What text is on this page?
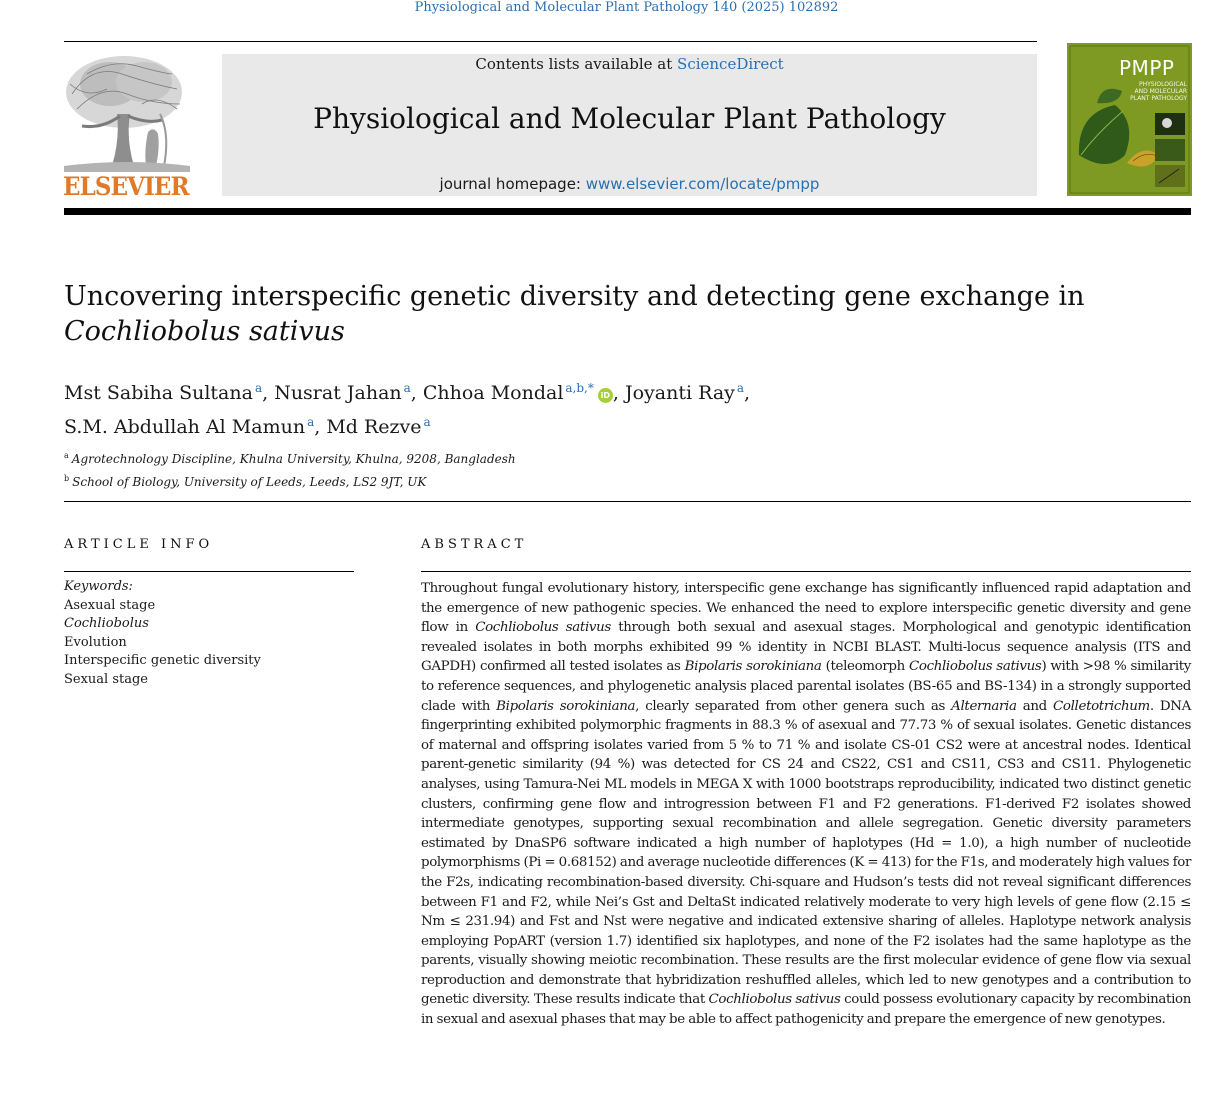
Physiological and Molecular Plant Pathology 140 (2025) 102892
ELSEVIER
Contents lists available at ScienceDirect
Physiological and Molecular Plant Pathology
journal homepage: www.elsevier.com/locate/pmpp
PMPP
PHYSIOLOGICAL
AND MOLECULAR
PLANT PATHOLOGY
Uncovering interspecific genetic diversity and detecting gene exchange in
Cochliobolus sativus
Mst Sabiha Sultana $^a$, Nusrat Jahan $^a$, Chhoa Mondal $^{a,b,*}$iD , Joyanti Ray $^a$,
S.M. Abdullah Al Mamun $^a$, Md Rezve $^a$
$^a$ Agrotechnology Discipline, Khulna University, Khulna, 9208, Bangladesh
$^b$ School of Biology, University of Leeds, Leeds, LS2 9JT, UK
ARTICLE INFO
Keywords:
Asexual stage
Cochliobolus
Evolution
Interspecific genetic diversity
Sexual stage
ABSTRACT
Throughout fungal evolutionary history, interspecific gene exchange has significantly influenced rapid adaptation and the emergence of new pathogenic species. We enhanced the need to explore interspecific genetic diversity and gene flow in Cochliobolus sativus through both sexual and asexual stages. Morphological and genotypic identification revealed isolates in both morphs exhibited 99 % identity in NCBI BLAST. Multi-locus sequence analysis (ITS and GAPDH) confirmed all tested isolates as Bipolaris sorokiniana (teleomorph Cochliobolus sativus) with >98 % similarity to reference sequences, and phylogenetic analysis placed parental isolates (BS-65 and BS-134) in a strongly supported clade with Bipolaris sorokiniana, clearly separated from other genera such as Alternaria and Colletotrichum. DNA fingerprinting exhibited polymorphic fragments in 88.3 % of asexual and 77.73 % of sexual isolates. Genetic distances of maternal and offspring isolates varied from 5 % to 71 % and isolate CS-01 CS2 were at ancestral nodes. Identical parent-genetic similarity (94 %) was detected for CS 24 and CS22, CS1 and CS11, CS3 and CS11. Phylogenetic analyses, using Tamura-Nei ML models in MEGA X with 1000 bootstraps reproducibility, indicated two distinct genetic clusters, confirming gene flow and introgression between F1 and F2 generations. F1-derived F2 isolates showed intermediate genotypes, supporting sexual recombination and allele segregation. Genetic diversity parameters estimated by DnaSP6 software indicated a high number of haplotypes (Hd = 1.0), a high number of nucleotide polymorphisms (Pi = 0.68152) and average nucleotide differences (K = 413) for the F1s, and moderately high values for the F2s, indicating recombination-based diversity. Chi-square and Hudson’s tests did not reveal significant differences between F1 and F2, while Nei’s Gst and DeltaSt indicated relatively moderate to very high levels of gene flow (2.15 ≤ Nm ≤ 231.94) and Fst and Nst were negative and indicated extensive sharing of alleles. Haplotype network analysis employing PopART (version 1.7) identified six haplotypes, and none of the F2 isolates had the same haplotype as the parents, visually showing meiotic recombination. These results are the first molecular evidence of gene flow via sexual reproduction and demonstrate that hybridization reshuffled alleles, which led to new genotypes and a contribution to genetic diversity. These results indicate that Cochliobolus sativus could possess evolutionary capacity by recombination in sexual and asexual phases that may be able to affect pathogenicity and prepare the emergence of new genotypes.
